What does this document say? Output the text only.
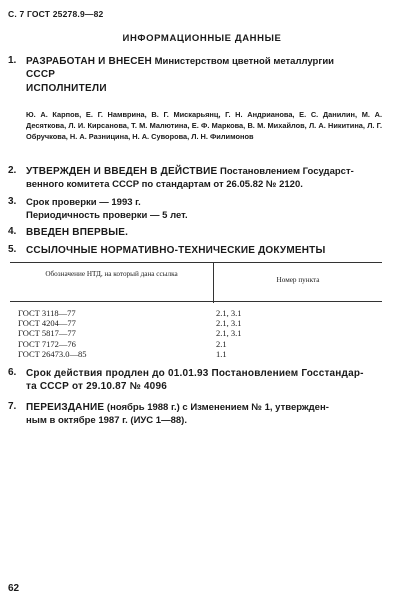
С. 7 ГОСТ 25278.9—82
ИНФОРМАЦИОННЫЕ ДАННЫЕ
1. РАЗРАБОТАН И ВНЕСЕН Министерством цветной металлургии
СССР
ИСПОЛНИТЕЛИ
Ю. А. Карпов, Е. Г. Намврина, В. Г. Мискарьянц, Г. Н. Андрианова, Е. С. Данилин, М. А. Десяткова, Л. И. Кирсанова, Т. М. Малютина, Е. Ф. Маркова, В. М. Михайлов, Л. А. Никитина, Л. Г. Обручкова, Н. А. Разницина, Н. А. Суворова, Л. Н. Филимонов
2. УТВЕРЖДЕН И ВВЕДЕН В ДЕЙСТВИЕ Постановлением Государст-
венного комитета СССР по стандартам от 26.05.82 № 2120.
3. Срок проверки — 1993 г.
Периодичность проверки — 5 лет.
4. ВВЕДЕН ВПЕРВЫЕ.
5. ССЫЛОЧНЫЕ НОРМАТИВНО-ТЕХНИЧЕСКИЕ ДОКУМЕНТЫ
Обозначение НТД, на который дана ссылка
Номер пункта
ГОСТ 3118—77	2.1, 3.1
ГОСТ 4204—77	2.1, 3.1
ГОСТ 5817—77	2.1, 3.1
ГОСТ 7172—76	2.1
ГОСТ 26473.0—85	1.1
6. Срок действия продлен до 01.01.93 Постановлением Госстандар-
та СССР от 29.10.87 № 4096
7. ПЕРЕИЗДАНИЕ (ноябрь 1988 г.) с Изменением № 1, утвержден-
ным в октябре 1987 г. (ИУС 1—88).
62
